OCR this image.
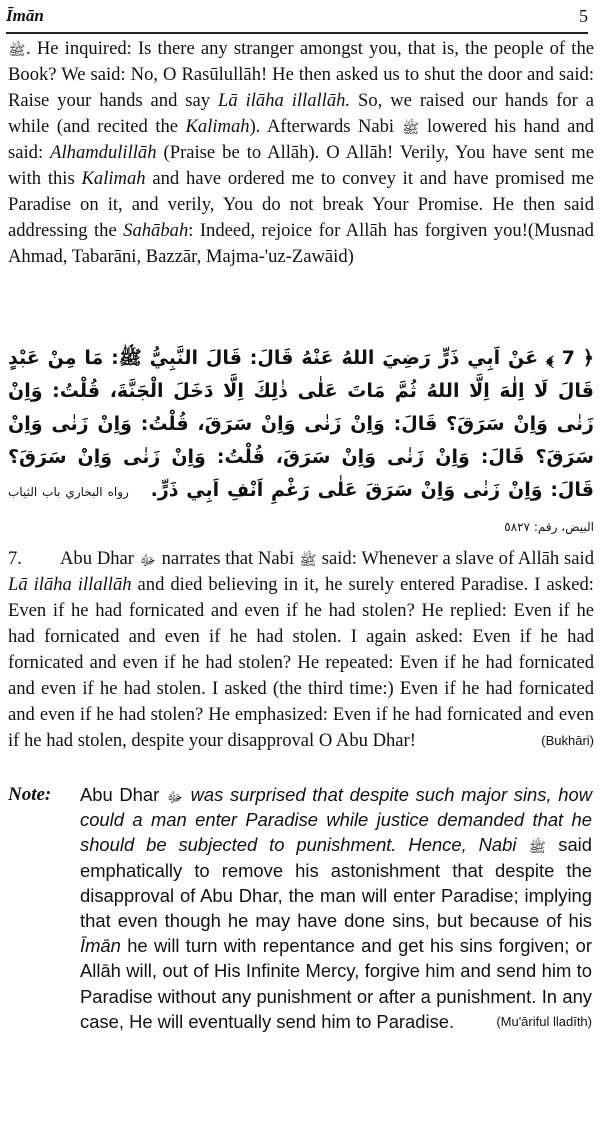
Īmān	5

ﷺ. He inquired: Is there any stranger amongst you, that is, the people of the Book? We said: No, O Rasūlullāh! He then asked us to shut the door and said: Raise your hands and say Lā ilāha illallāh. So, we raised our hands for a while (and recited the Kalimah). Afterwards Nabi ﷺ lowered his hand and said: Alhamdulillāh (Praise be to Allāh). O Allāh! Verily, You have sent me with this Kalimah and have ordered me to convey it and have promised me Paradise on it, and verily, You do not break Your Promise. He then said addressing the Sahābah: Indeed, rejoice for Allāh has forgiven you!(Musnad Ahmad, Tabarāni, Bazzār, Majma-'uz-Zawāid)

﴿ 7 ﴾ عَنْ اَبِي ذَرٍّ رَضِيَ اللهُ عَنْهُ قَالَ: قَالَ النَّبِيُّ ﷺ: مَا مِنْ عَبْدٍ قَالَ لَا اِلٰهَ اِلَّا اللهُ ثُمَّ مَاتَ عَلٰى ذٰلِكَ اِلَّا دَخَلَ الْجَنَّةَ، قُلْتُ: وَاِنْ زَنٰى وَاِنْ سَرَقَ؟ قَالَ: وَاِنْ زَنٰى وَاِنْ سَرَقَ، قُلْتُ: وَاِنْ زَنٰى وَاِنْ سَرَقَ؟ قَالَ: وَاِنْ زَنٰى وَاِنْ سَرَقَ، قُلْتُ: وَاِنْ زَنٰى وَاِنْ سَرَقَ؟ قَالَ: وَاِنْ زَنٰى وَاِنْ سَرَقَ عَلٰى رَغْمِ اَنْفِ اَبِي ذَرٍّ. رواه البخاري باب الثياب البيض، رقم: ٥٨٢٧

7. Abu Dhar ﷻ narrates that Nabi ﷺ said: Whenever a slave of Allāh said Lā ilāha illallāh and died believing in it, he surely entered Paradise. I asked: Even if he had fornicated and even if he had stolen? He replied: Even if he had fornicated and even if he had stolen. I again asked: Even if he had fornicated and even if he had stolen? He repeated: Even if he had fornicated and even if he had stolen. I asked (the third time:) Even if he had fornicated and even if he had stolen? He emphasized: Even if he had fornicated and even if he had stolen, despite your disapproval O Abu Dhar!	(Bukhāri)

Note: Abu Dhar ﷻ was surprised that despite such major sins, how could a man enter Paradise while justice demanded that he should be subjected to punishment. Hence, Nabi ﷺ said emphatically to remove his astonishment that despite the disapproval of Abu Dhar, the man will enter Paradise; implying that even though he may have done sins, but because of his Īmān he will turn with repentance and get his sins forgiven; or Allāh will, out of His Infinite Mercy, forgive him and send him to Paradise without any punishment or after a punishment. In any case, He will eventually send him to Paradise.	(Mu'āriful lladīth)
